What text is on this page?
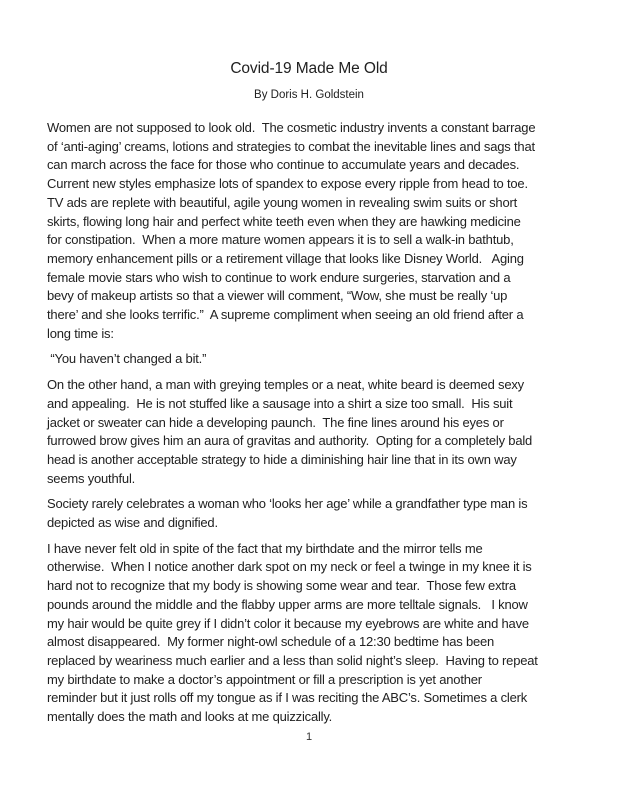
Covid-19 Made Me Old
By Doris H. Goldstein

Women are not supposed to look old.  The cosmetic industry invents a constant barrage
of ‘anti-aging’ creams, lotions and strategies to combat the inevitable lines and sags that
can march across the face for those who continue to accumulate years and decades.
Current new styles emphasize lots of spandex to expose every ripple from head to toe.
TV ads are replete with beautiful, agile young women in revealing swim suits or short
skirts, flowing long hair and perfect white teeth even when they are hawking medicine
for constipation.  When a more mature women appears it is to sell a walk-in bathtub,
memory enhancement pills or a retirement village that looks like Disney World.   Aging
female movie stars who wish to continue to work endure surgeries, starvation and a
bevy of makeup artists so that a viewer will comment, “Wow, she must be really ‘up
there’ and she looks terrific.”  A supreme compliment when seeing an old friend after a
long time is:

“You haven’t changed a bit.”

On the other hand, a man with greying temples or a neat, white beard is deemed sexy
and appealing.  He is not stuffed like a sausage into a shirt a size too small.  His suit
jacket or sweater can hide a developing paunch.  The fine lines around his eyes or
furrowed brow gives him an aura of gravitas and authority.  Opting for a completely bald
head is another acceptable strategy to hide a diminishing hair line that in its own way
seems youthful.

Society rarely celebrates a woman who ‘looks her age’ while a grandfather type man is
depicted as wise and dignified.

I have never felt old in spite of the fact that my birthdate and the mirror tells me
otherwise.  When I notice another dark spot on my neck or feel a twinge in my knee it is
hard not to recognize that my body is showing some wear and tear.  Those few extra
pounds around the middle and the flabby upper arms are more telltale signals.   I know
my hair would be quite grey if I didn’t color it because my eyebrows are white and have
almost disappeared.  My former night-owl schedule of a 12:30 bedtime has been
replaced by weariness much earlier and a less than solid night’s sleep.  Having to repeat
my birthdate to make a doctor’s appointment or fill a prescription is yet another
reminder but it just rolls off my tongue as if I was reciting the ABC’s. Sometimes a clerk
mentally does the math and looks at me quizzically.

1
